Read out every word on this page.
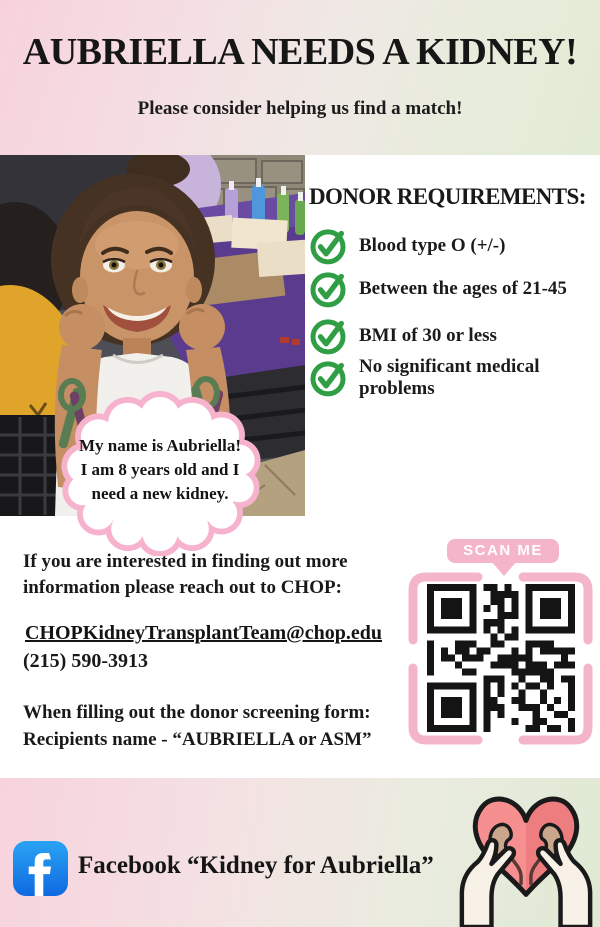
AUBRIELLA NEEDS A KIDNEY!
Please consider helping us find a match!
DONOR REQUIREMENTS:
Blood type O (+/-)
Between the ages of 21-45
BMI of 30 or less
No significant medical problems
My name is Aubriella!
I am 8 years old and I
need a new kidney.
If you are interested in finding out more
information please reach out to CHOP:
CHOPKidneyTransplantTeam@chop.edu
(215) 590-3913
When filling out the donor screening form:
Recipients name - “AUBRIELLA or ASM”
SCAN ME
Facebook “Kidney for Aubriella”
